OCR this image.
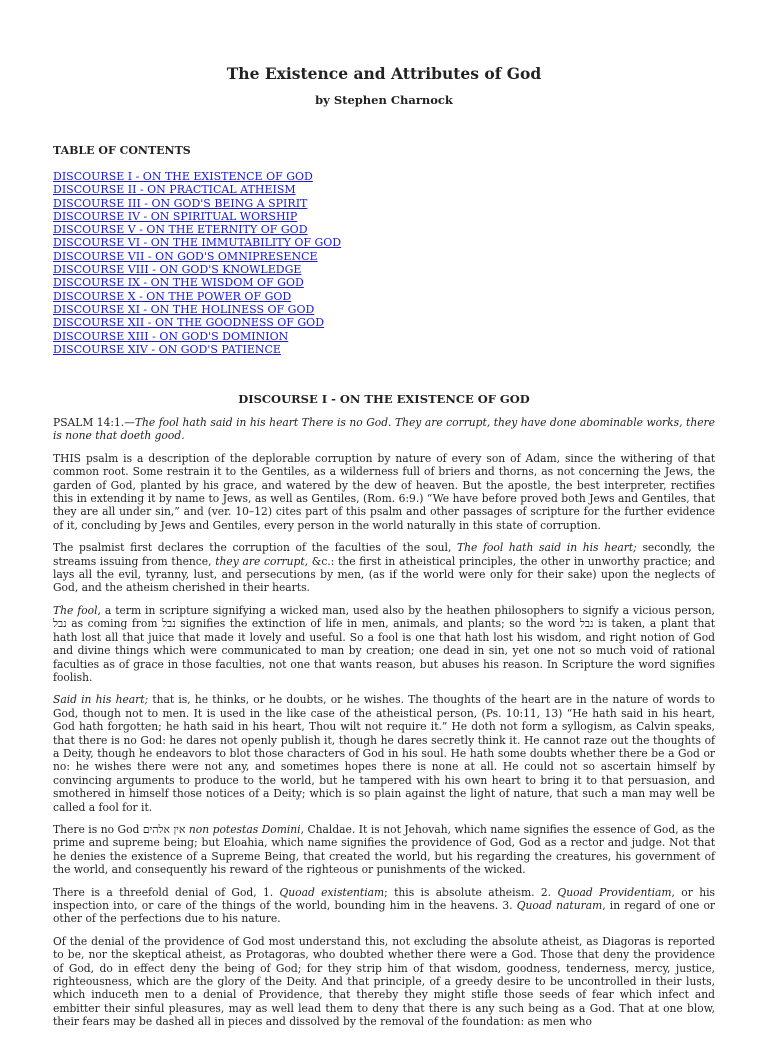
The Existence and Attributes of God
by Stephen Charnock
TABLE OF CONTENTS
DISCOURSE I - ON THE EXISTENCE OF GOD
DISCOURSE II - ON PRACTICAL ATHEISM
DISCOURSE III - ON GOD'S BEING A SPIRIT
DISCOURSE IV - ON SPIRITUAL WORSHIP
DISCOURSE V - ON THE ETERNITY OF GOD
DISCOURSE VI - ON THE IMMUTABILITY OF GOD
DISCOURSE VII - ON GOD'S OMNIPRESENCE
DISCOURSE VIII - ON GOD'S KNOWLEDGE
DISCOURSE IX - ON THE WISDOM OF GOD
DISCOURSE X - ON THE POWER OF GOD
DISCOURSE XI - ON THE HOLINESS OF GOD
DISCOURSE XII - ON THE GOODNESS OF GOD
DISCOURSE XIII - ON GOD'S DOMINION
DISCOURSE XIV - ON GOD'S PATIENCE
DISCOURSE I - ON THE EXISTENCE OF GOD

PSALM 14:1.—The fool hath said in his heart There is no God. They are corrupt, they have done abominable works, there is none that doeth good.

THIS psalm is a description of the deplorable corruption by nature of every son of Adam, since the withering of that common root. Some restrain it to the Gentiles, as a wilderness full of briers and thorns, as not concerning the Jews, the garden of God, planted by his grace, and watered by the dew of heaven. But the apostle, the best interpreter, rectifies this in extending it by name to Jews, as well as Gentiles, (Rom. 6:9.) “We have before proved both Jews and Gentiles, that they are all under sin,” and (ver. 10–12) cites part of this psalm and other passages of scripture for the further evidence of it, concluding by Jews and Gentiles, every person in the world naturally in this state of corruption.

The psalmist first declares the corruption of the faculties of the soul, The fool hath said in his heart; secondly, the streams issuing from thence, they are corrupt, &c.: the first in atheistical principles, the other in unworthy practice; and lays all the evil, tyranny, lust, and persecutions by men, (as if the world were only for their sake) upon the neglects of God, and the atheism cherished in their hearts.

The fool, a term in scripture signifying a wicked man, used also by the heathen philosophers to signify a vicious person, נבל as coming from נבל signifies the extinction of life in men, animals, and plants; so the word נבל is taken, a plant that hath lost all that juice that made it lovely and useful. So a fool is one that hath lost his wisdom, and right notion of God and divine things which were communicated to man by creation; one dead in sin, yet one not so much void of rational faculties as of grace in those faculties, not one that wants reason, but abuses his reason. In Scripture the word signifies foolish.

Said in his heart; that is, he thinks, or he doubts, or he wishes. The thoughts of the heart are in the nature of words to God, though not to men. It is used in the like case of the atheistical person, (Ps. 10:11, 13) “He hath said in his heart, God hath forgotten; he hath said in his heart, Thou wilt not require it.” He doth not form a syllogism, as Calvin speaks, that there is no God: he dares not openly publish it, though he dares secretly think it. He cannot raze out the thoughts of a Deity, though he endeavors to blot those characters of God in his soul. He hath some doubts whether there be a God or no: he wishes there were not any, and sometimes hopes there is none at all. He could not so ascertain himself by convincing arguments to produce to the world, but he tampered with his own heart to bring it to that persuasion, and smothered in himself those notices of a Deity; which is so plain against the light of nature, that such a man may well be called a fool for it.

There is no God אין אלהים non potestas Domini, Chaldae. It is not Jehovah, which name signifies the essence of God, as the prime and supreme being; but Eloahia, which name signifies the providence of God, God as a rector and judge. Not that he denies the existence of a Supreme Being, that created the world, but his regarding the creatures, his government of the world, and consequently his reward of the righteous or punishments of the wicked.

There is a threefold denial of God, 1. Quoad existentiam; this is absolute atheism. 2. Quoad Providentiam, or his inspection into, or care of the things of the world, bounding him in the heavens. 3. Quoad naturam, in regard of one or other of the perfections due to his nature.

Of the denial of the providence of God most understand this, not excluding the absolute atheist, as Diagoras is reported to be, nor the skeptical atheist, as Protagoras, who doubted whether there were a God. Those that deny the providence of God, do in effect deny the being of God; for they strip him of that wisdom, goodness, tenderness, mercy, justice, righteousness, which are the glory of the Deity. And that principle, of a greedy desire to be uncontrolled in their lusts, which induceth men to a denial of Providence, that thereby they might stifle those seeds of fear which infect and embitter their sinful pleasures, may as well lead them to deny that there is any such being as a God. That at one blow, their fears may be dashed all in pieces and dissolved by the removal of the foundation: as men who
